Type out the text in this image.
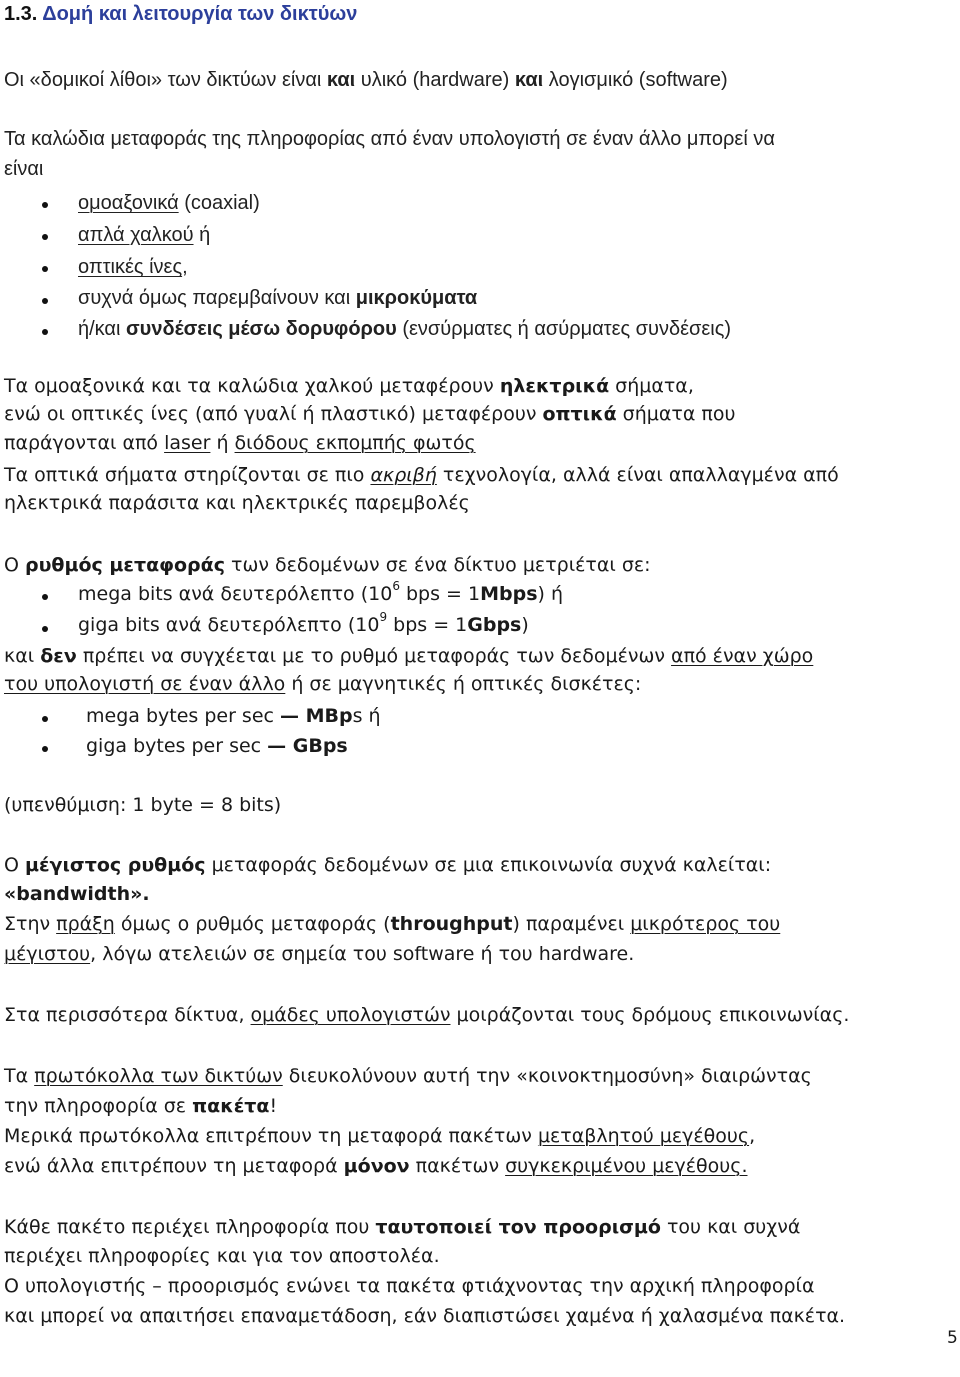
1.3. Δομή και λειτουργία των δικτύων
Οι «δομικοί λίθοι» των δικτύων είναι και υλικό (hardware) και λογισμικό (software)
Τα καλώδια μεταφοράς της πληροφορίας από έναν υπολογιστή σε έναν άλλο μπορεί να
είναι
ομοαξονικά (coaxial)
απλά χαλκού ή
οπτικές ίνες,
συχνά όμως παρεμβαίνουν και μικροκύματα
ή/και συνδέσεις μέσω δορυφόρου (ενσύρματες ή ασύρματες συνδέσεις)
Τα ομοαξονικά και τα καλώδια χαλκού μεταφέρουν ηλεκτρικά σήματα,
ενώ οι οπτικές ίνες (από γυαλί ή πλαστικό) μεταφέρουν οπτικά σήματα που
παράγονται από laser ή διόδους εκπομπής φωτός
Τα οπτικά σήματα στηρίζονται σε πιο ακριβή τεχνολογία, αλλά είναι απαλλαγμένα από
ηλεκτρικά παράσιτα και ηλεκτρικές παρεμβολές
Ο ρυθμός μεταφοράς των δεδομένων σε ένα δίκτυο μετριέται σε:
mega bits ανά δευτερόλεπτο ($10^6$ bps = 1Mbps) ή
giga bits ανά δευτερόλεπτο ($10^9$ bps = 1Gbps)
και δεν πρέπει να συγχέεται με το ρυθμό μεταφοράς των δεδομένων από έναν χώρο
του υπολογιστή σε έναν άλλο ή σε μαγνητικές ή οπτικές δισκέτες:
mega bytes per sec — MBps ή
giga bytes per sec — GBps
(υπενθύμιση: 1 byte = 8 bits)
Ο μέγιστος ρυθμός μεταφοράς δεδομένων σε μια επικοινωνία συχνά καλείται:
«bandwidth».
Στην πράξη όμως ο ρυθμός μεταφοράς (throughput) παραμένει μικρότερος του
μέγιστου, λόγω ατελειών σε σημεία του software ή του hardware.
Στα περισσότερα δίκτυα, ομάδες υπολογιστών μοιράζονται τους δρόμους επικοινωνίας.
Τα πρωτόκολλα των δικτύων διευκολύνουν αυτή την «κοινοκτημοσύνη» διαιρώντας
την πληροφορία σε πακέτα!
Μερικά πρωτόκολλα επιτρέπουν τη μεταφορά πακέτων μεταβλητού μεγέθους,
ενώ άλλα επιτρέπουν τη μεταφορά μόνον πακέτων συγκεκριμένου μεγέθους.
Κάθε πακέτο περιέχει πληροφορία που ταυτοποιεί τον προορισμό του και συχνά
περιέχει πληροφορίες και για τον αποστολέα.
Ο υπολογιστής – προορισμός ενώνει τα πακέτα φτιάχνοντας την αρχική πληροφορία
και μπορεί να απαιτήσει επαναμετάδοση, εάν διαπιστώσει χαμένα ή χαλασμένα πακέτα.
5
